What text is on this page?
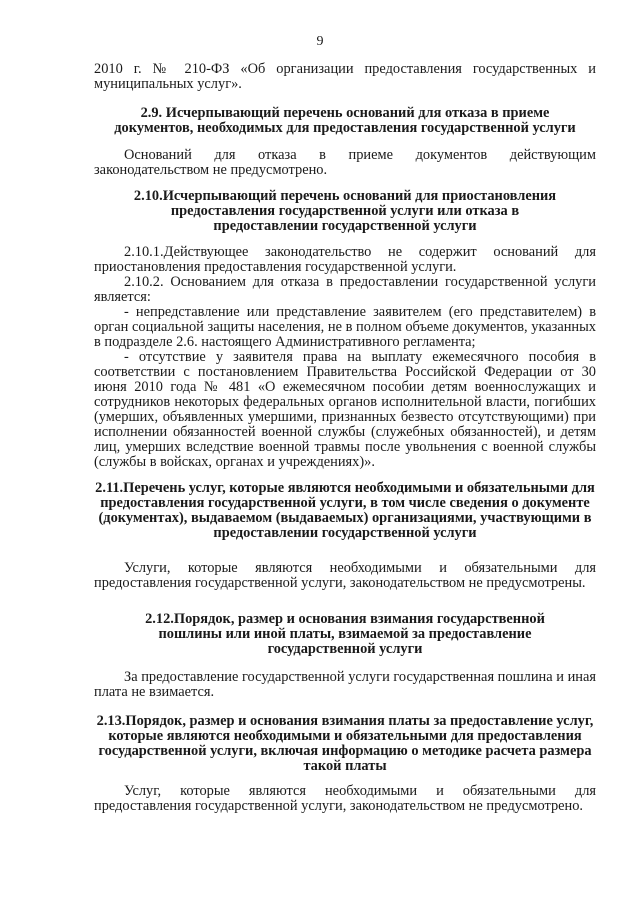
9

2010 г. № 210-ФЗ «Об организации предоставления государственных и муниципальных услуг».

2.9. Исчерпывающий перечень оснований для отказа в приеме документов, необходимых для предоставления государственной услуги

Оснований для отказа в приеме документов действующим законодательством не предусмотрено.

2.10.Исчерпывающий перечень оснований для приостановления предоставления государственной услуги или отказа в предоставлении государственной услуги

2.10.1.Действующее законодательство не содержит оснований для приостановления предоставления государственной услуги.

2.10.2. Основанием для отказа в предоставлении государственной услуги является:

- непредставление или представление заявителем (его представителем) в орган социальной защиты населения, не в полном объеме документов, указанных в подразделе 2.6. настоящего Административного регламента;

- отсутствие у заявителя права на выплату ежемесячного пособия в соответствии с постановлением Правительства Российской Федерации от 30 июня 2010 года № 481 «О ежемесячном пособии детям военнослужащих и сотрудников некоторых федеральных органов исполнительной власти, погибших (умерших, объявленных умершими, признанных безвесто отсутствующими) при исполнении обязанностей военной службы (служебных обязанностей), и детям лиц, умерших вследствие военной травмы после увольнения с военной службы (службы в войсках, органах и учреждениях)».

2.11.Перечень услуг, которые являются необходимыми и обязательными для предоставления государственной услуги, в том числе сведения о документе (документах), выдаваемом (выдаваемых) организациями, участвующими в предоставлении государственной услуги

Услуги, которые являются необходимыми и обязательными для предоставления государственной услуги, законодательством не предусмотрены.

2.12.Порядок, размер и основания взимания государственной пошлины или иной платы, взимаемой за предоставление государственной услуги

За предоставление государственной услуги государственная пошлина и иная плата не взимается.

2.13.Порядок, размер и основания взимания платы за предоставление услуг, которые являются необходимыми и обязательными для предоставления государственной услуги, включая информацию о методике расчета размера такой платы

Услуг, которые являются необходимыми и обязательными для предоставления государственной услуги, законодательством не предусмотрено.
